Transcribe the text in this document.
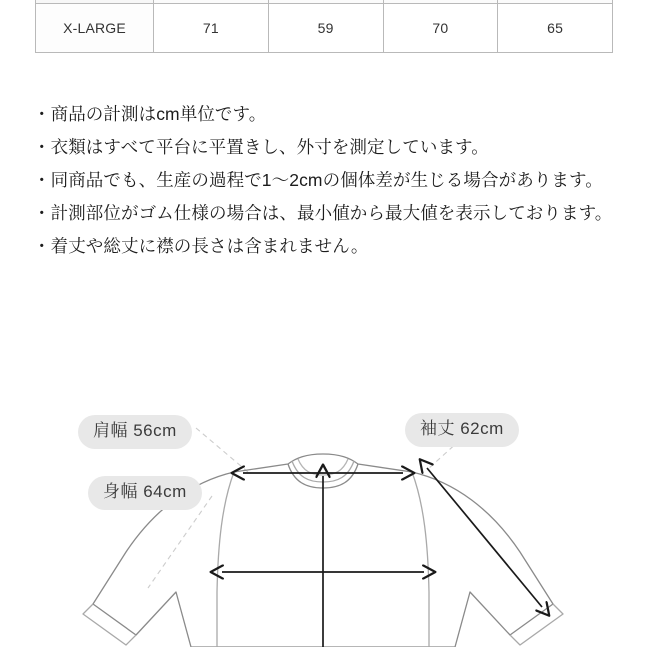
X-LARGE	71	59	70	65

・商品の計測はcm単位です。

・衣類はすべて平台に平置きし、外寸を測定しています。

・同商品でも、生産の過程で1〜2cmの個体差が生じる場合があります。

・計測部位がゴム仕様の場合は、最小値から最大値を表示しております。

・着丈や総丈に襟の長さは含まれません。

肩幅 56cm
身幅 64cm
袖丈 62cm
